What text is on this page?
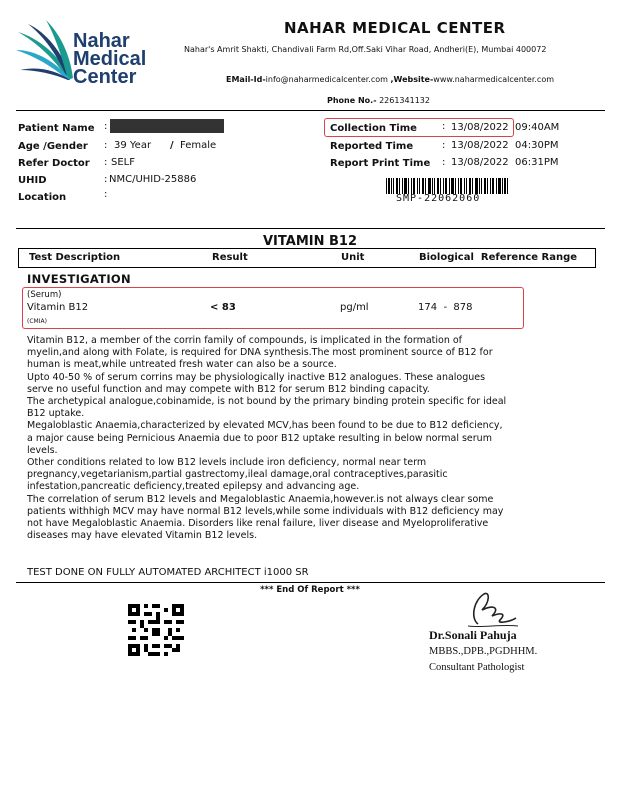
Nahar
Medical
Center
NAHAR MEDICAL CENTER
Nahar's Amrit Shakti, Chandivali Farm Rd,Off.Saki Vihar Road, Andheri(E), Mumbai 400072
EMail-Id-info@naharmedicalcenter.com ,Website-www.naharmedicalcenter.com
Phone No.- 2261341132
Patient Name :
Age /Gender : 39 Year / Female
Refer Doctor : SELF
UHID	: NMC/UHID-25886
Location	:
Collection Time	: 13/08/2022 09:40AM
Reported Time	: 13/08/2022  04:30PM
Report Print Time : 13/08/2022  06:31PM
SMP-22062060
VITAMIN B12
Test Description	Result	Unit	Biological  Reference Range
INVESTIGATION
(Serum)
Vitamin B12	< 83	pg/ml	174  -  878
(CMIA)
Vitamin B12, a member of the corrin family of compounds, is implicated in the formation of
myelin,and along with Folate, is required for DNA synthesis.The most prominent source of B12 for
human is meat,while untreated fresh water can also be a source.
Upto 40-50 % of serum corrins may be physiologically inactive B12 analogues. These analogues
serve no useful function and may compete with B12 for serum B12 binding capacity.
The archetypical analogue,cobinamide, is not bound by the primary binding protein specific for ideal
B12 uptake.
Megaloblastic Anaemia,characterized by elevated MCV,has been found to be due to B12 deficiency,
a major cause being Pernicious Anaemia due to poor B12 uptake resulting in below normal serum
levels.
Other conditions related to low B12 levels include iron deficiency, normal near term
pregnancy,vegetarianism,partial gastrectomy,ileal damage,oral contraceptives,parasitic
infestation,pancreatic deficiency,treated epilepsy and advancing age.
The correlation of serum B12 levels and Megaloblastic Anaemia,however.is not always clear some
patients withhigh MCV may have normal B12 levels,while some individuals with B12 deficiency may
not have Megaloblastic Anaemia. Disorders like renal failure, liver disease and Myeloproliferative
diseases may have elevated Vitamin B12 levels.
TEST DONE ON FULLY AUTOMATED ARCHITECT i1000 SR
*** End Of Report ***
Dr.Sonali Pahuja
MBBS.,DPB.,PGDHHM.
Consultant Pathologist
